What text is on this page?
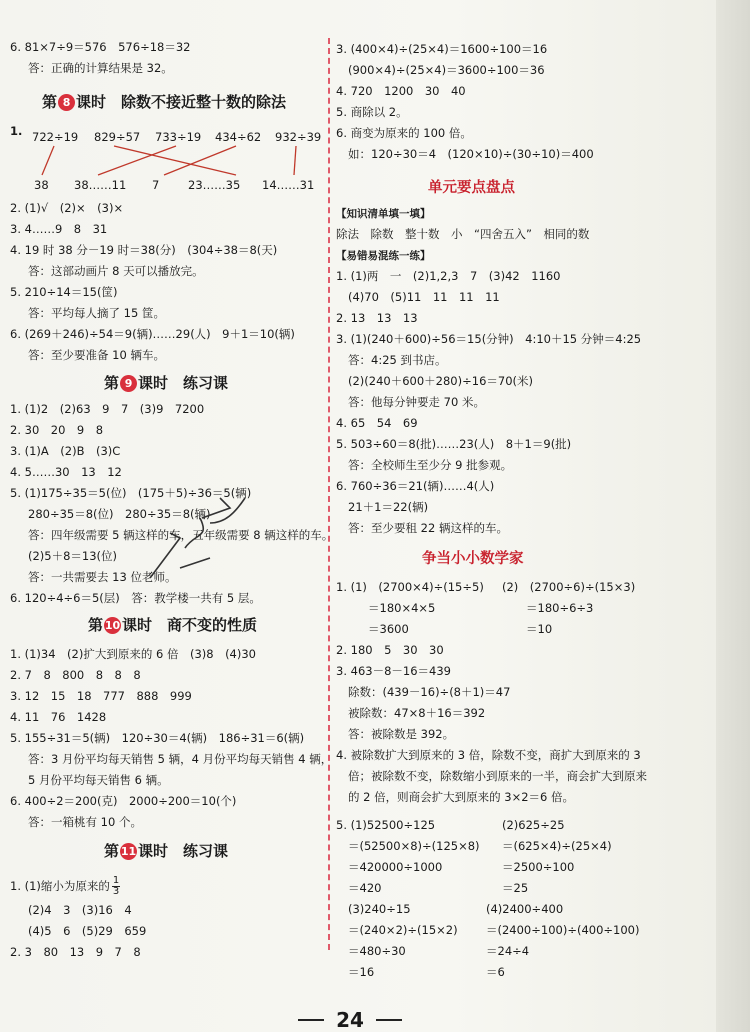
6. 81×7÷9＝576　576÷18＝32
答：正确的计算结果是 32。
第 8 课时　除数不接近整十数的除法
1. 722÷19 829÷57 733÷19 434÷62 932÷39
38 38……11 7 23……35 14……31
2. (1)√　(2)×　(3)×
3. 4……9　8　31
4. 19 时 38 分－19 时＝38(分)　(304÷38＝8(天)
答：这部动画片 8 天可以播放完。
5. 210÷14＝15(筐)
答：平均每人摘了 15 筐。
6. (269＋246)÷54＝9(辆)……29(人)　9＋1＝10(辆)
答：至少要准备 10 辆车。
第 9 课时　练习课
1. (1)2　(2)63　9　7　(3)9　7200
2. 30　20　9　8
3. (1)A　(2)B　(3)C
4. 5……30　13　12
5. (1)175÷35＝5(位)　(175＋5)÷36＝5(辆)
280÷35＝8(位)　280÷35＝8(辆)
答：四年级需要 5 辆这样的车，五年级需要 8 辆这样的车。
(2)5＋8＝13(位)
答：一共需要去 13 位老师。
6. 120÷4÷6＝5(层)　答：教学楼一共有 5 层。
第 10 课时　商不变的性质
1. (1)34　(2)扩大到原来的 6 倍　(3)8　(4)30
2. 7　8　800　8　8　8
3. 12　15　18　777　888　999
4. 11　76　1428
5. 155÷31＝5(辆)　120÷30＝4(辆)　186÷31＝6(辆)
答：3 月份平均每天销售 5 辆，4 月份平均每天销售 4 辆，
5 月份平均每天销售 6 辆。
6. 400÷2＝200(克)　2000÷200＝10(个)
答：一箱桃有 10 个。
第 11 课时　练习课
1. (1)缩小为原来的 $\frac{1}{3}$
(2)4　3　(3)16　4
(4)5　6　(5)29　659
2. 3　80　13　9　7　8
3. (400×4)÷(25×4)＝1600÷100＝16
(900×4)÷(25×4)＝3600÷100＝36
4. 720　1200　30　40
5. 商除以 2。
6. 商变为原来的 100 倍。
如：120÷30＝4　(120×10)÷(30÷10)＝400
单元要点盘点
【知识清单填一填】
除法　除数　整十数　小　“四舍五入”　相同的数
【易错易混练一练】
1. (1)两　一　(2)1,2,3　7　(3)42　1160
(4)70　(5)11　11　11　11
2. 13　13　13
3. (1)(240＋600)÷56＝15(分钟)　4:10＋15 分钟＝4:25
答：4:25 到书店。
(2)(240＋600＋280)÷16＝70(米)
答：他每分钟要走 70 米。
4. 65　54　69
5. 503÷60＝8(批)……23(人)　8＋1＝9(批)
答：全校师生至少分 9 批参观。
6. 760÷36＝21(辆)……4(人)
21＋1＝22(辆)
答：至少要租 22 辆这样的车。
争当小小数学家
1. (1)　(2700×4)÷(15÷5) (2)　(2700÷6)÷(15×3)
＝180×4×5	＝180÷6÷3
＝3600	＝10
2. 180　5　30　30
3. 463－8－16＝439
除数：(439－16)÷(8＋1)＝47
被除数：47×8＋16＝392
答：被除数是 392。
4. 被除数扩大到原来的 3 倍，除数不变，商扩大到原来的 3
倍；被除数不变，除数缩小到原来的一半，商会扩大到原来
的 2 倍，则商会扩大到原来的 3×2＝6 倍。
5. (1)52500÷125	(2)625÷25
＝(52500×8)÷(125×8) ＝(625×4)÷(25×4)
＝420000÷1000	＝2500÷100
＝420	＝25
(3)240÷15	(4)2400÷400
＝(240×2)÷(15×2) ＝(2400÷100)÷(400÷100)
＝480÷30	＝24÷4
＝16	＝6
24
